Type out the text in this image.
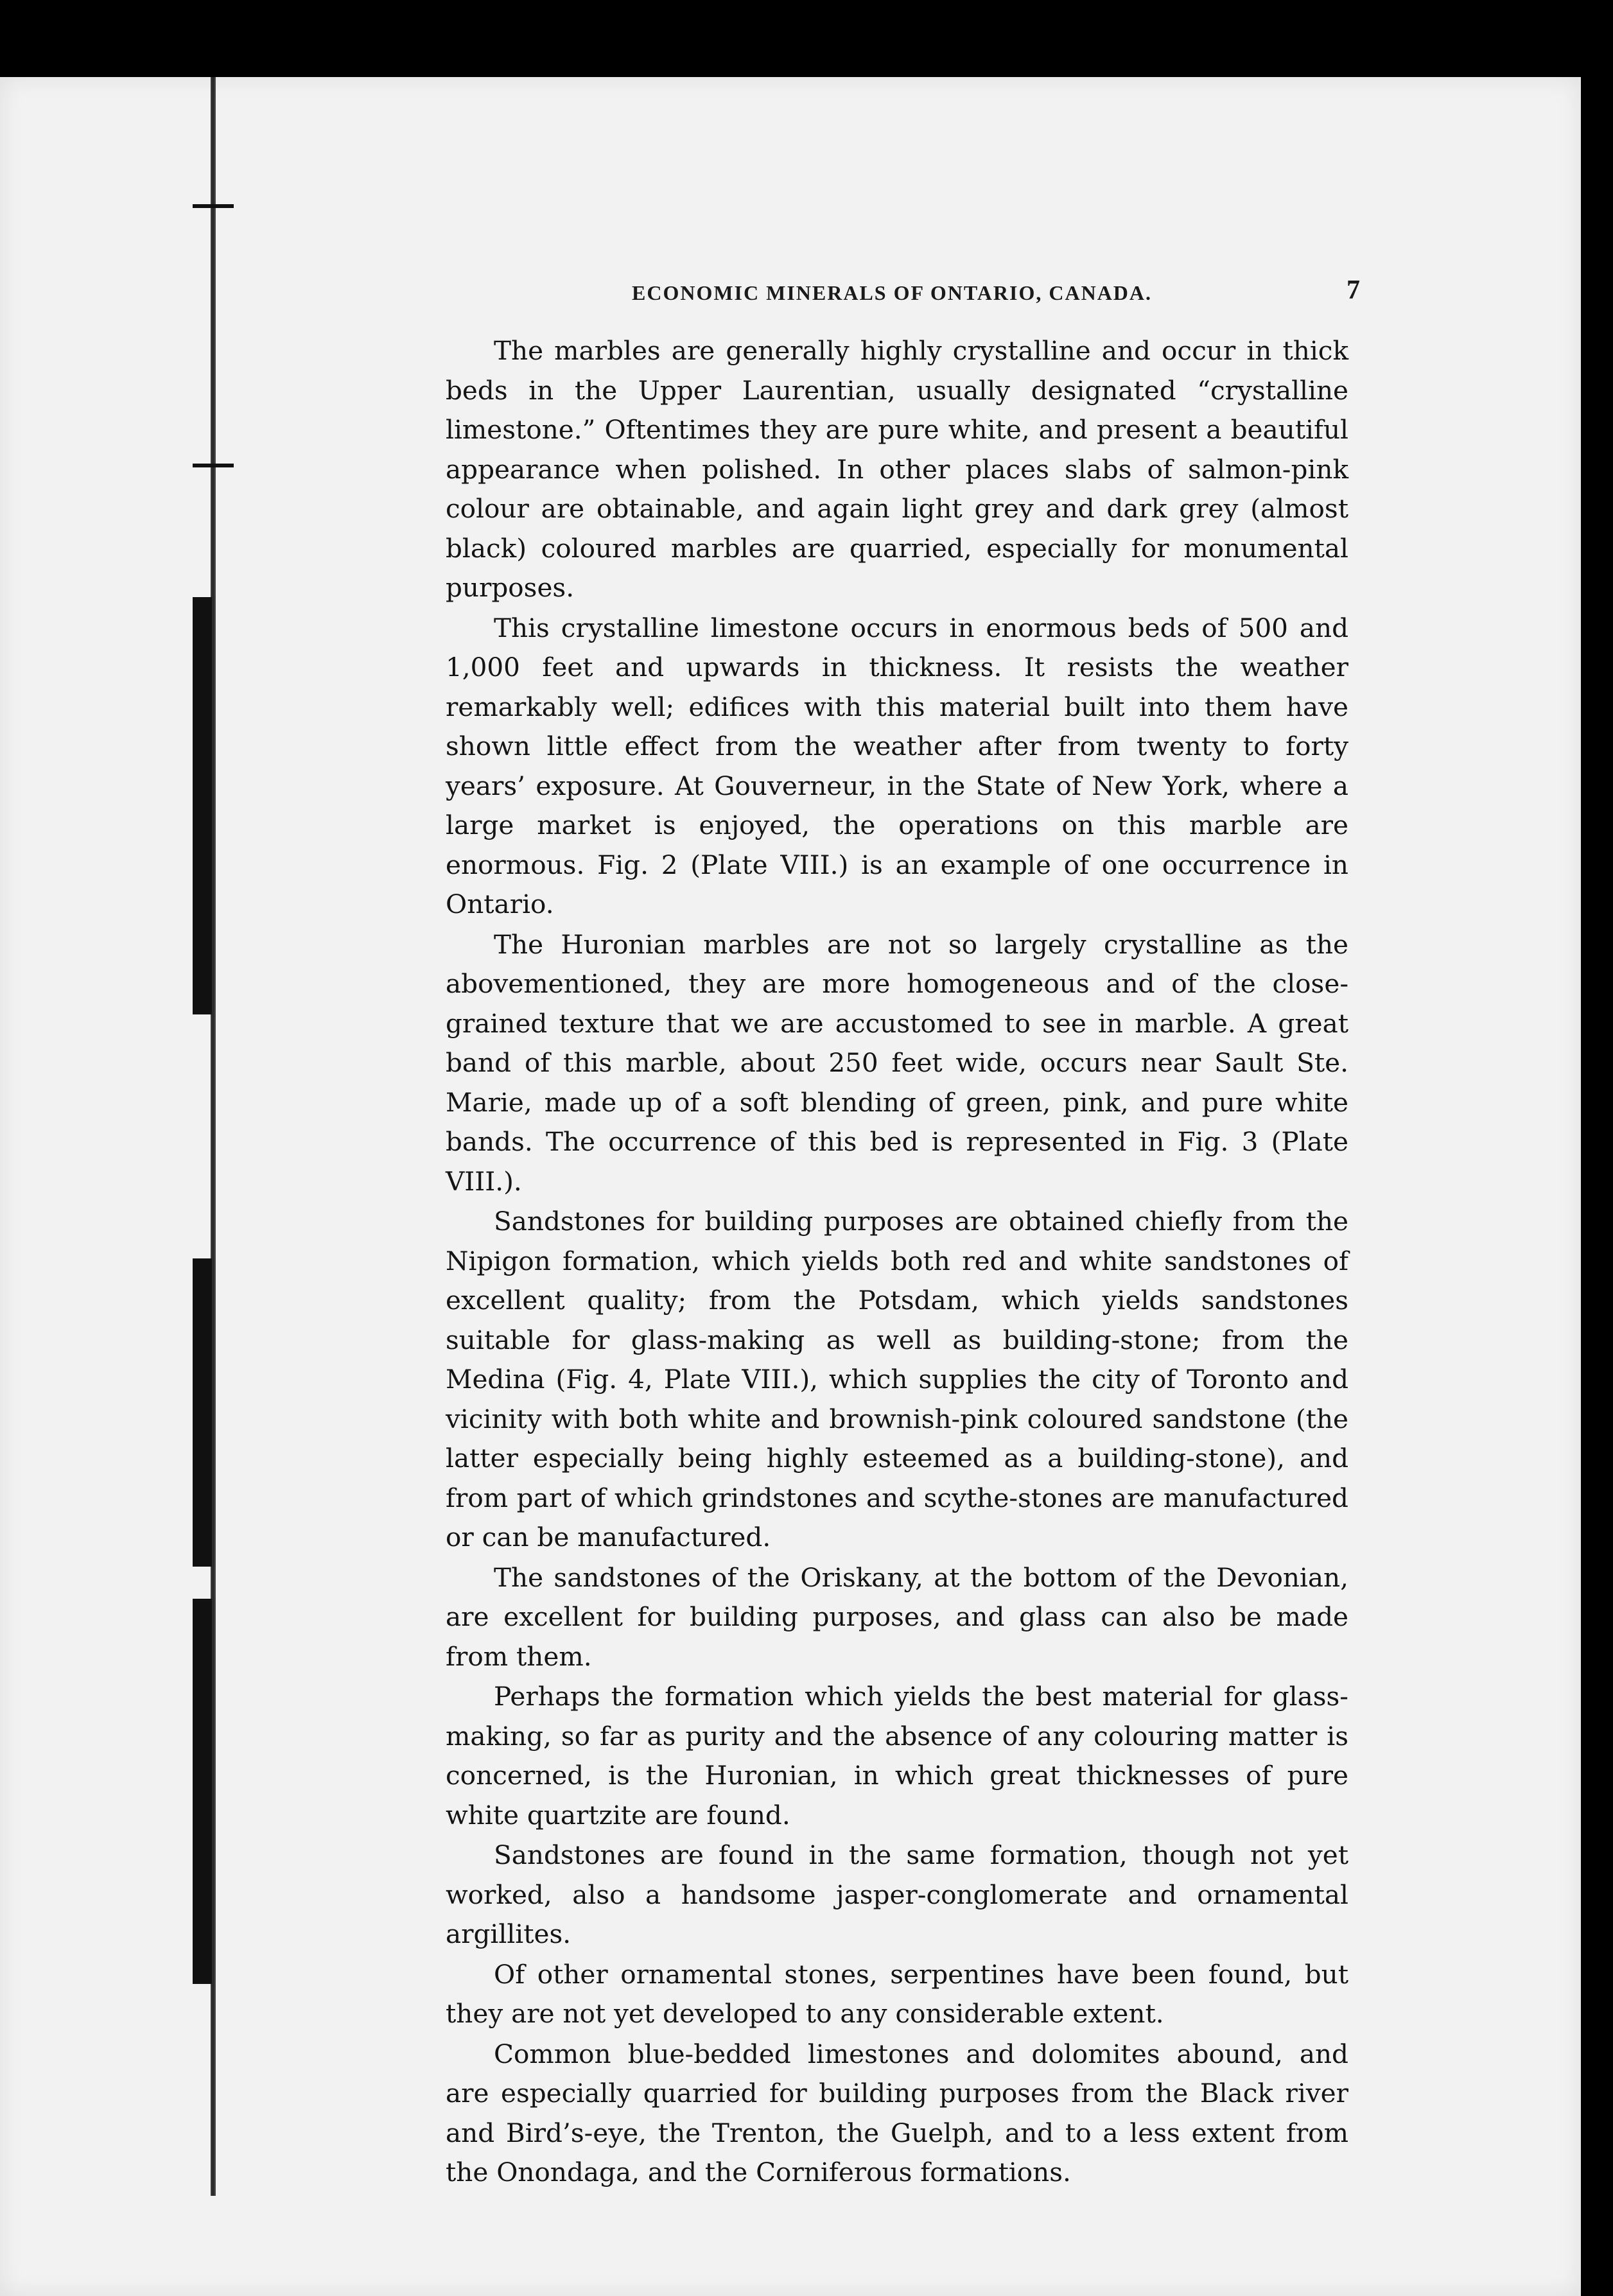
ECONOMIC MINERALS OF ONTARIO, CANADA.	7

The marbles are generally highly crystalline and occur in thick beds in the Upper Laurentian, usually designated “crystalline limestone.” Oftentimes they are pure white, and present a beautiful appearance when polished. In other places slabs of salmon-pink colour are obtainable, and again light grey and dark grey (almost black) coloured marbles are quarried, especially for monumental purposes.

This crystalline limestone occurs in enormous beds of 500 and 1,000 feet and upwards in thickness. It resists the weather remarkably well; edifices with this material built into them have shown little effect from the weather after from twenty to forty years’ exposure. At Gouverneur, in the State of New York, where a large market is enjoyed, the operations on this marble are enormous. Fig. 2 (Plate VIII.) is an example of one occurrence in Ontario.

The Huronian marbles are not so largely crystalline as the abovementioned, they are more homogeneous and of the close-grained texture that we are accustomed to see in marble. A great band of this marble, about 250 feet wide, occurs near Sault Ste. Marie, made up of a soft blending of green, pink, and pure white bands. The occurrence of this bed is represented in Fig. 3 (Plate VIII.).

Sandstones for building purposes are obtained chiefly from the Nipigon formation, which yields both red and white sandstones of excellent quality; from the Potsdam, which yields sandstones suitable for glass-making as well as building-stone; from the Medina (Fig. 4, Plate VIII.), which supplies the city of Toronto and vicinity with both white and brownish-pink coloured sandstone (the latter especially being highly esteemed as a building-stone), and from part of which grindstones and scythe-stones are manufactured or can be manufactured.

The sandstones of the Oriskany, at the bottom of the Devonian, are excellent for building purposes, and glass can also be made from them.

Perhaps the formation which yields the best material for glass-making, so far as purity and the absence of any colouring matter is concerned, is the Huronian, in which great thicknesses of pure white quartzite are found.

Sandstones are found in the same formation, though not yet worked, also a handsome jasper-conglomerate and ornamental argillites.

Of other ornamental stones, serpentines have been found, but they are not yet developed to any considerable extent.

Common blue-bedded limestones and dolomites abound, and are especially quarried for building purposes from the Black river and Bird’s-eye, the Trenton, the Guelph, and to a less extent from the Onondaga, and the Corniferous formations.
